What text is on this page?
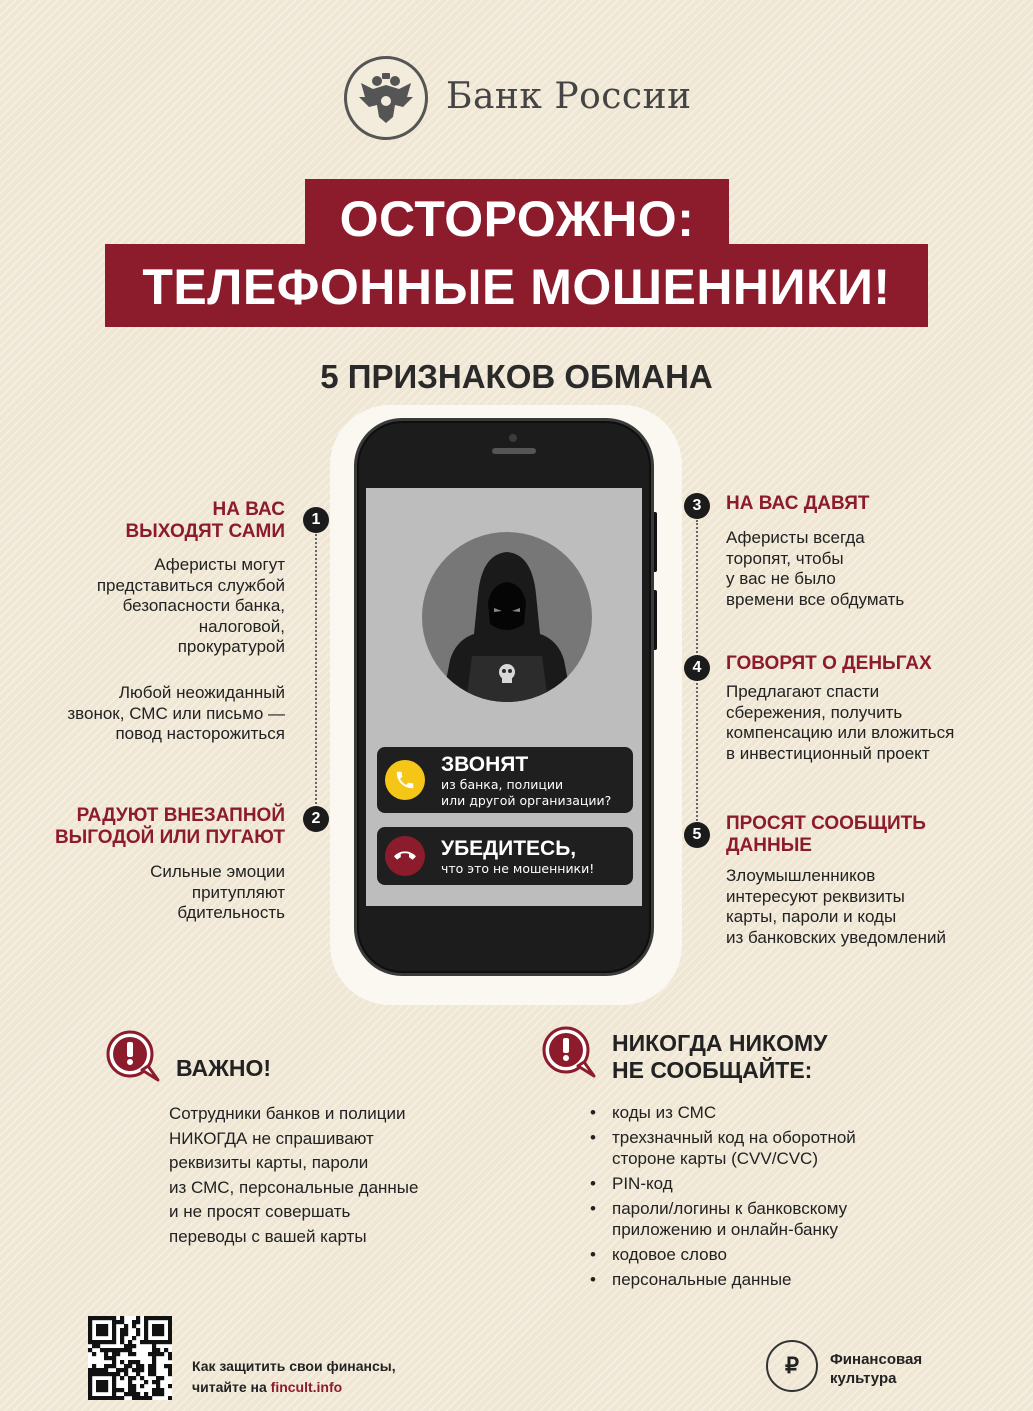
Банк России
ОСТОРОЖНО:
ТЕЛЕФОННЫЕ МОШЕННИКИ!
5 ПРИЗНАКОВ ОБМАНА
ЗВОНЯТ
из банка, полиции
или другой организации?
УБЕДИТЕСЬ,
что это не мошенники!
1
2
НА ВАС
ВЫХОДЯТ САМИ
Аферисты могут
представиться службой
безопасности банка,
налоговой,
прокуратурой
Любой неожиданный
звонок, СМС или письмо —
повод насторожиться
РАДУЮТ ВНЕЗАПНОЙ
ВЫГОДОЙ ИЛИ ПУГАЮТ
Сильные эмоции
притупляют
бдительность
3
4
5
НА ВАС ДАВЯТ
Аферисты всегда
торопят, чтобы
у вас не было
времени все обдумать
ГОВОРЯТ О ДЕНЬГАХ
Предлагают спасти
сбережения, получить
компенсацию или вложиться
в инвестиционный проект
ПРОСЯТ СООБЩИТЬ
ДАННЫЕ
Злоумышленников
интересуют реквизиты
карты, пароли и коды
из банковских уведомлений
ВАЖНО!
Сотрудники банков и полиции
НИКОГДА не спрашивают
реквизиты карты, пароли
из СМС, персональные данные
и не просят совершать
переводы с вашей карты
НИКОГДА НИКОМУ
НЕ СООБЩАЙТЕ:
• коды из СМС
• трехзначный код на оборотной
стороне карты (CVV/CVC)
• PIN-код
• пароли/логины к банковскому
приложению и онлайн-банку
• кодовое слово
• персональные данные
Как защитить свои финансы,
читайте на fincult.info
₽ Финансовая
культура
